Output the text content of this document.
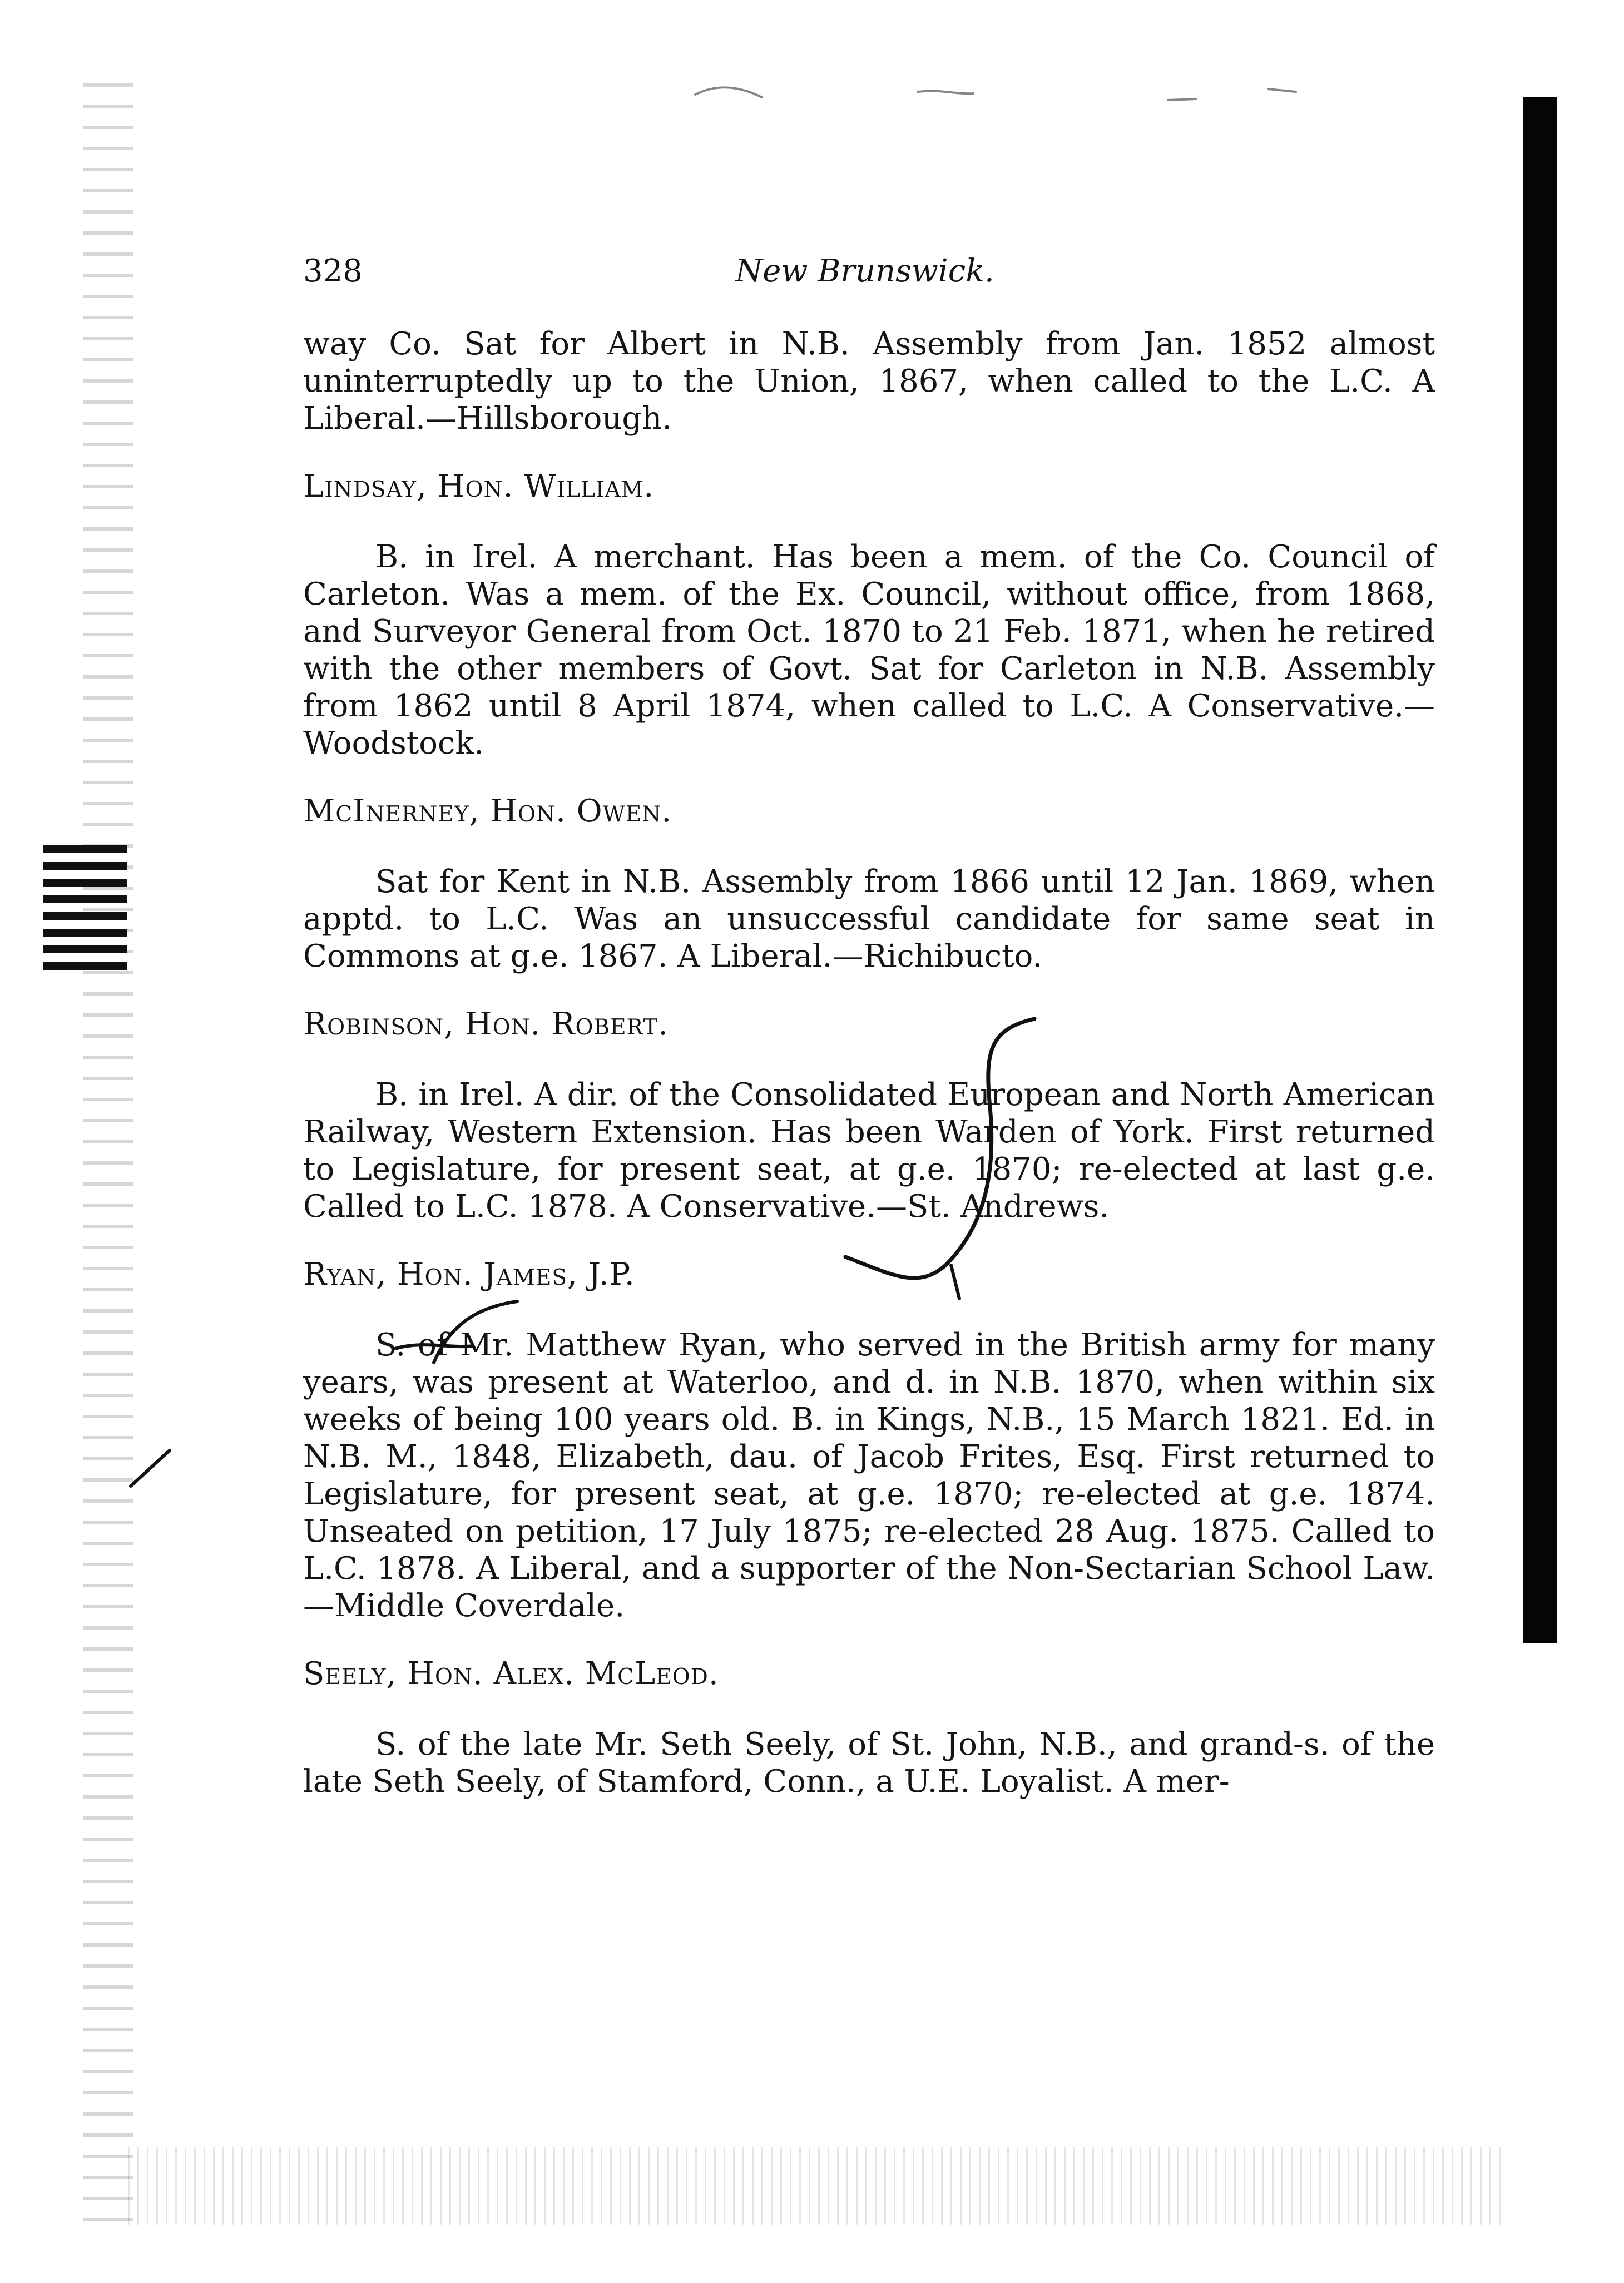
328	New Brunswick.

way Co. Sat for Albert in N.B. Assembly from Jan. 1852 almost uninterruptedly up to the Union, 1867, when called to the L.C. A Liberal.—Hillsborough.

Lindsay, Hon. William.

B. in Irel. A merchant. Has been a mem. of the Co. Council of Carleton. Was a mem. of the Ex. Council, without office, from 1868, and Surveyor General from Oct. 1870 to 21 Feb. 1871, when he retired with the other members of Govt. Sat for Carleton in N.B. Assembly from 1862 until 8 April 1874, when called to L.C. A Conservative.—Woodstock.

McInerney, Hon. Owen.

Sat for Kent in N.B. Assembly from 1866 until 12 Jan. 1869, when apptd. to L.C. Was an unsuccessful candidate for same seat in Commons at g.e. 1867. A Liberal.—Richibucto.

Robinson, Hon. Robert.

B. in Irel. A dir. of the Consolidated European and North American Railway, Western Extension. Has been Warden of York. First returned to Legislature, for present seat, at g.e. 1870; re-elected at last g.e. Called to L.C. 1878. A Conservative.—St. Andrews.

Ryan, Hon. James, J.P.

S. of Mr. Matthew Ryan, who served in the British army for many years, was present at Waterloo, and d. in N.B. 1870, when within six weeks of being 100 years old. B. in Kings, N.B., 15 March 1821. Ed. in N.B. M., 1848, Elizabeth, dau. of Jacob Frites, Esq. First returned to Legislature, for present seat, at g.e. 1870; re-elected at g.e. 1874. Unseated on petition, 17 July 1875; re-elected 28 Aug. 1875. Called to L.C. 1878. A Liberal, and a supporter of the Non-Sectarian School Law.—Middle Coverdale.

Seely, Hon. Alex. McLeod.

S. of the late Mr. Seth Seely, of St. John, N.B., and grand-s. of the late Seth Seely, of Stamford, Conn., a U.E. Loyalist. A mer-
